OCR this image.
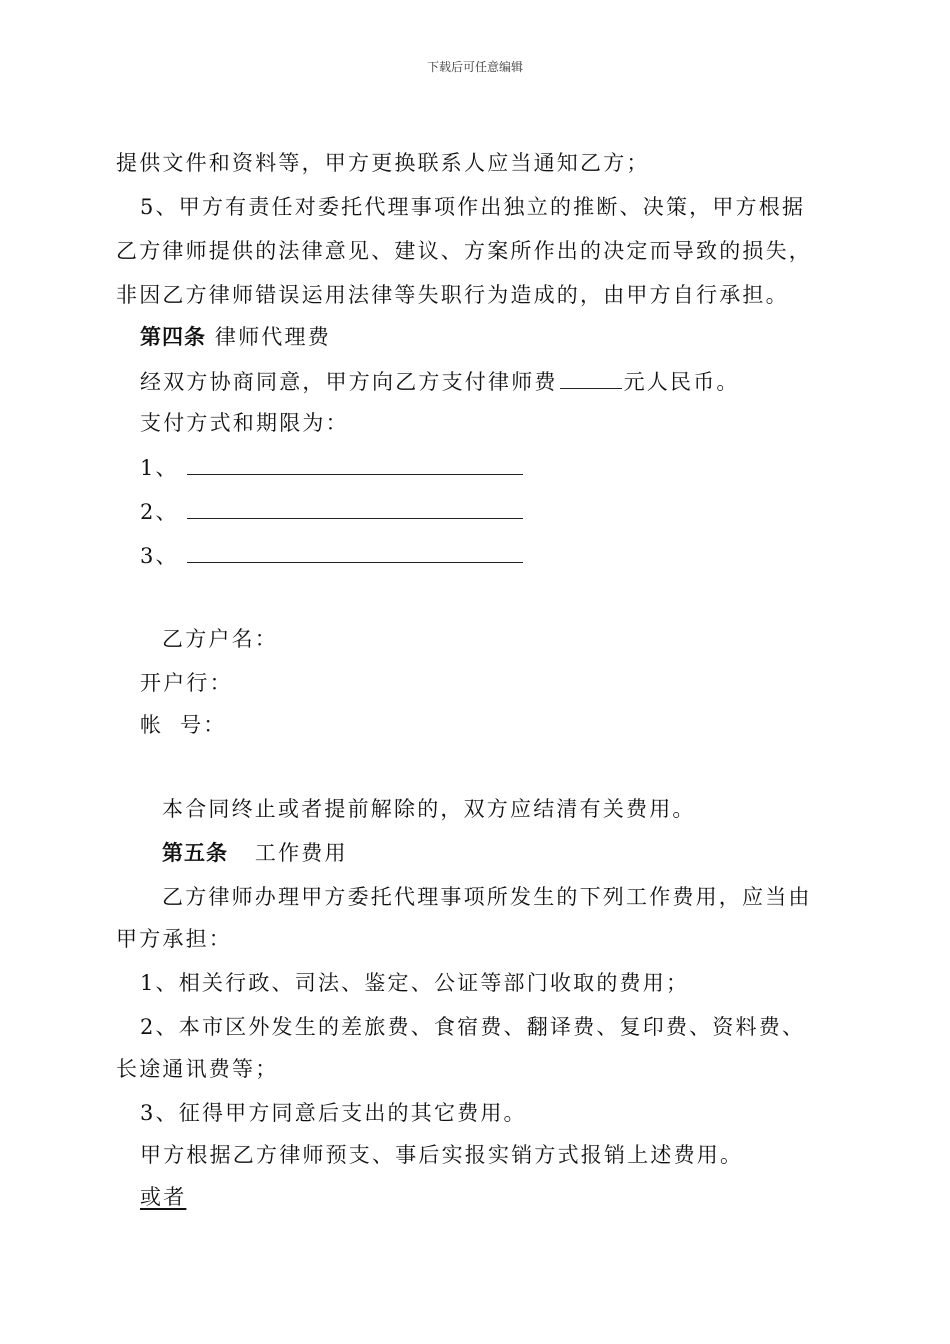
下载后可任意编辑
提供文件和资料等，甲方更换联系人应当通知乙方；
5、甲方有责任对委托代理事项作出独立的推断、决策，甲方根据
乙方律师提供的法律意见、建议、方案所作出的决定而导致的损失，
非因乙方律师错误运用法律等失职行为造成的，由甲方自行承担。
第四条 律师代理费
经双方协商同意，甲方向乙方支付律师费	元人民币。
支付方式和期限为：
1、
2、
3、
乙方户名：
开户行：
帐 号：
本合同终止或者提前解除的，双方应结清有关费用。
第五条 工作费用
乙方律师办理甲方委托代理事项所发生的下列工作费用，应当由
甲方承担：
1、相关行政、司法、鉴定、公证等部门收取的费用；
2、本市区外发生的差旅费、食宿费、翻译费、复印费、资料费、
长途通讯费等；
3、征得甲方同意后支出的其它费用。
甲方根据乙方律师预支、事后实报实销方式报销上述费用。
或者
